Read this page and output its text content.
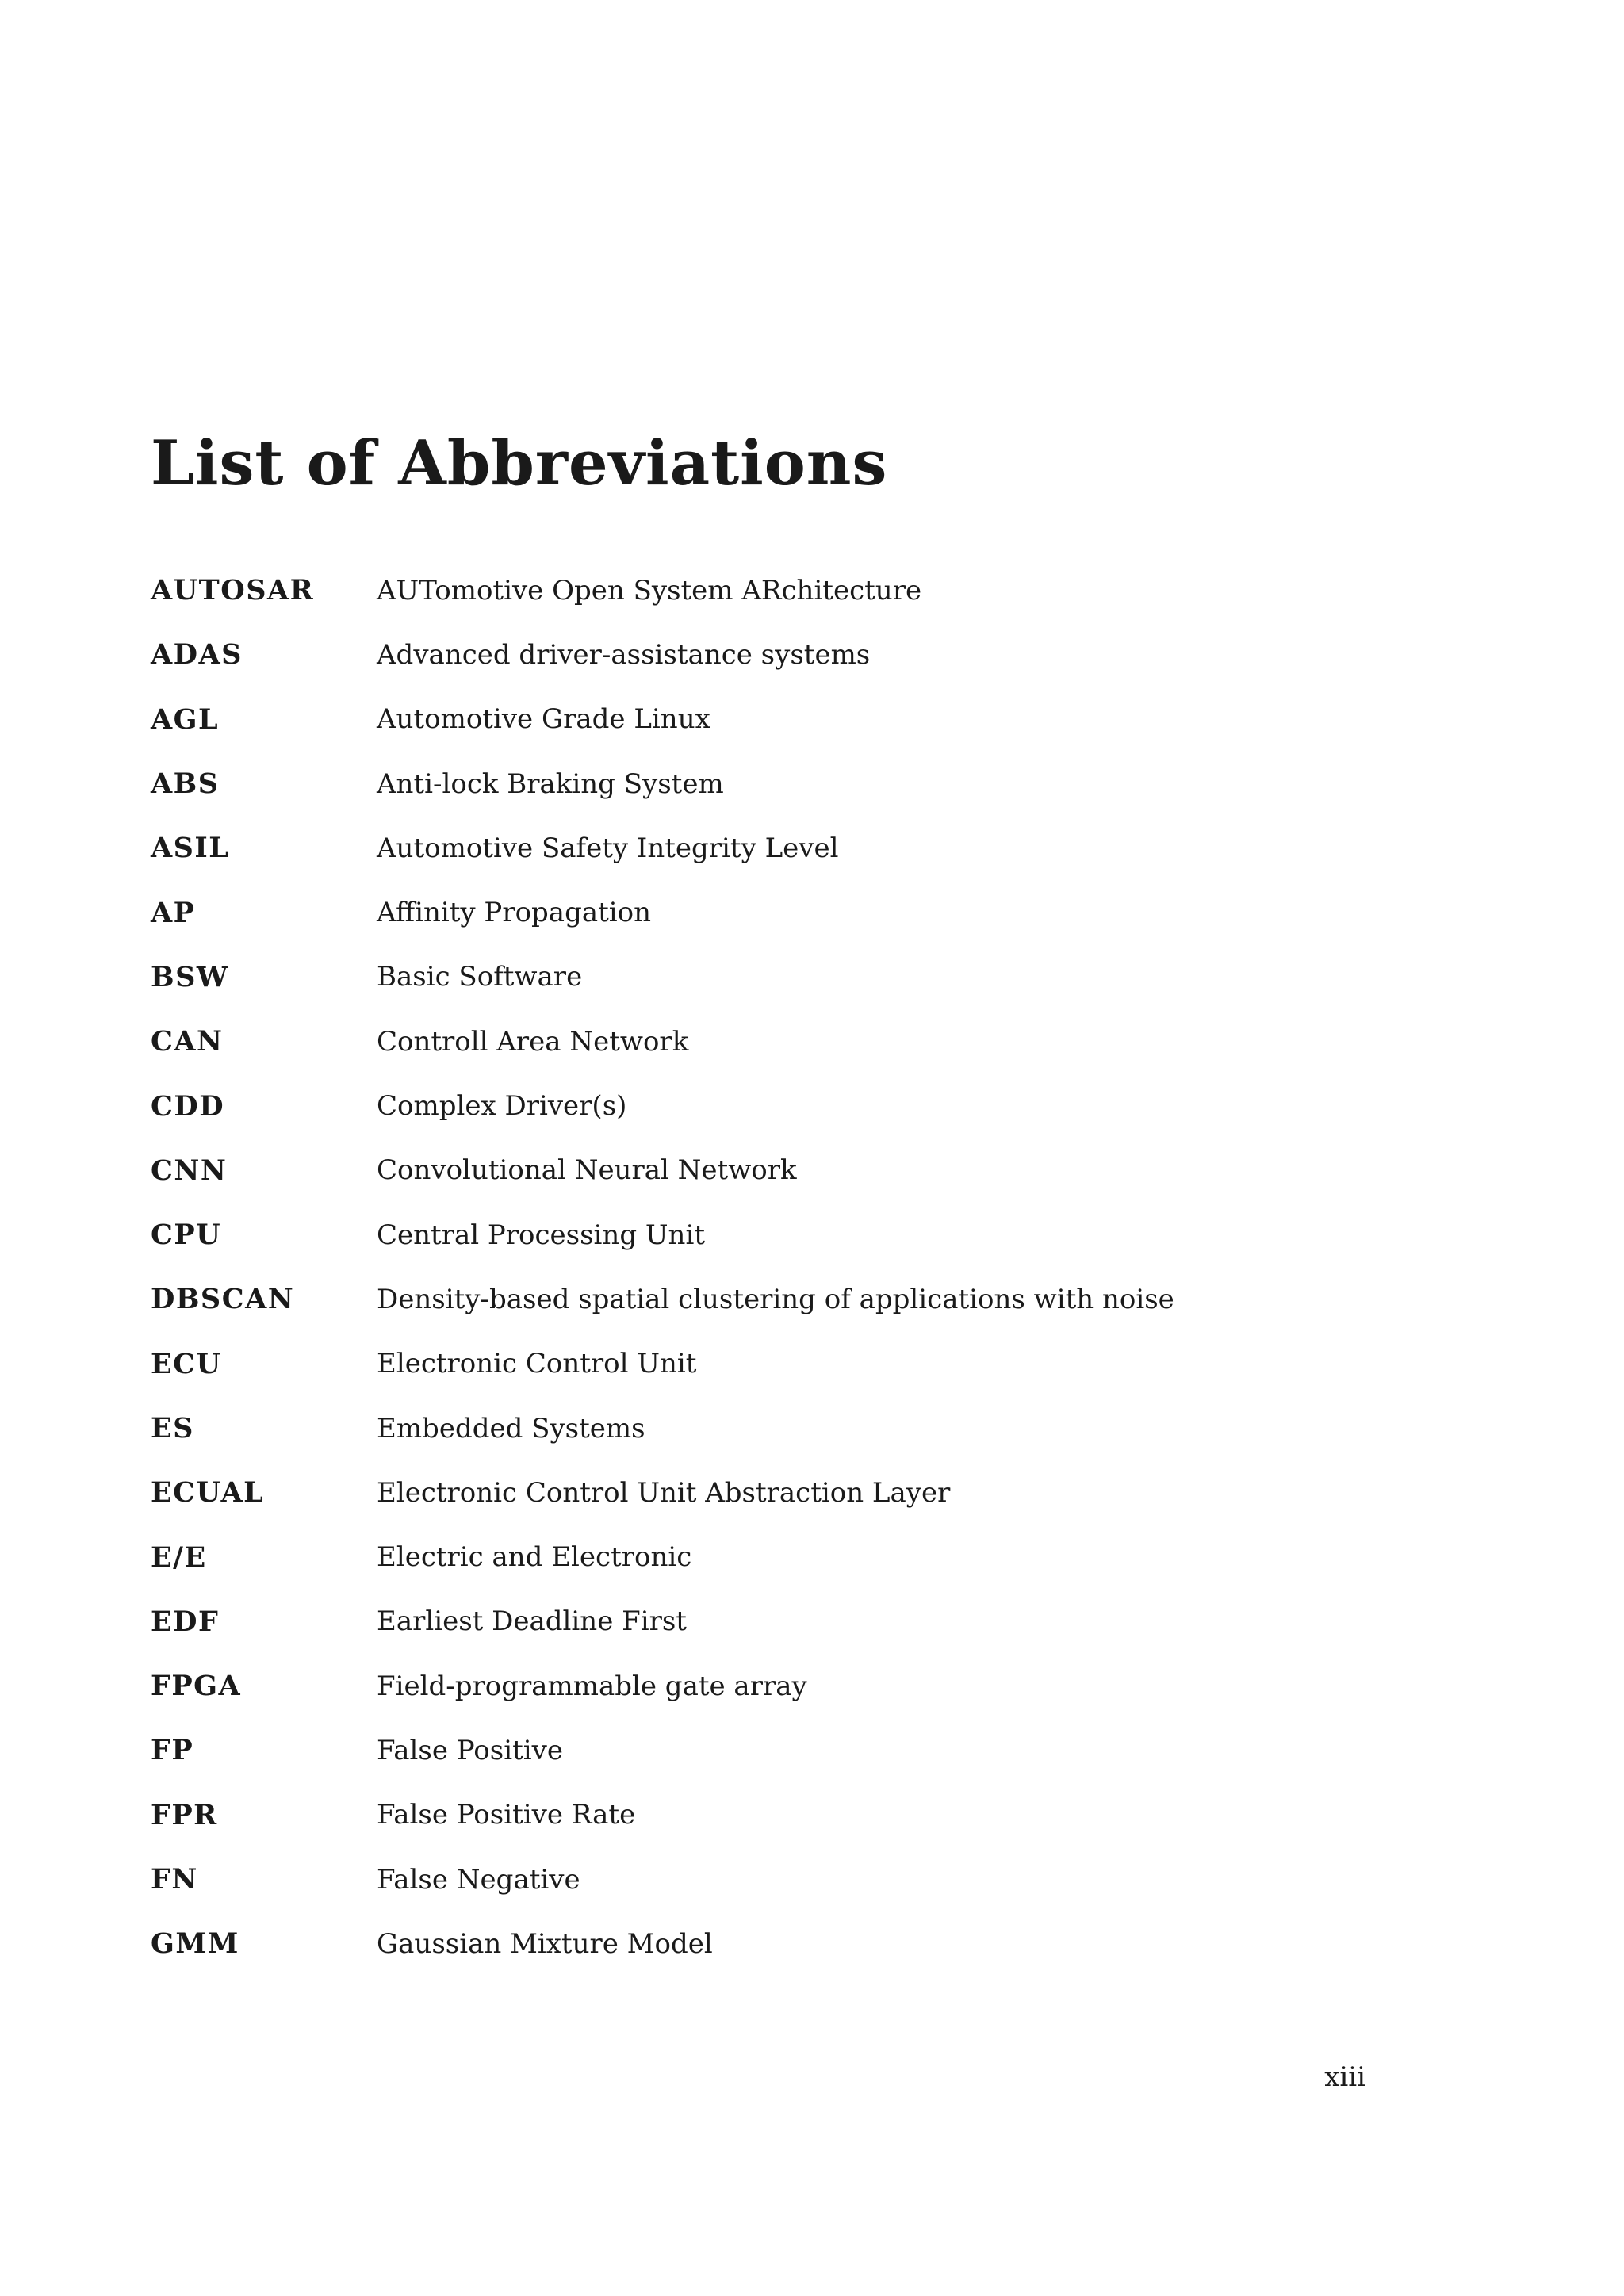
List of Abbreviations
AUTOSAR	AUTomotive Open System ARchitecture
ADAS	Advanced driver-assistance systems
AGL	Automotive Grade Linux
ABS	Anti-lock Braking System
ASIL	Automotive Safety Integrity Level
AP	Affinity Propagation
BSW	Basic Software
CAN	Controll Area Network
CDD	Complex Driver(s)
CNN	Convolutional Neural Network
CPU	Central Processing Unit
DBSCAN	Density-based spatial clustering of applications with noise
ECU	Electronic Control Unit
ES	Embedded Systems
ECUAL	Electronic Control Unit Abstraction Layer
E/E	Electric and Electronic
EDF	Earliest Deadline First
FPGA	Field-programmable gate array
FP	False Positive
FPR	False Positive Rate
FN	False Negative
GMM	Gaussian Mixture Model
xiii
